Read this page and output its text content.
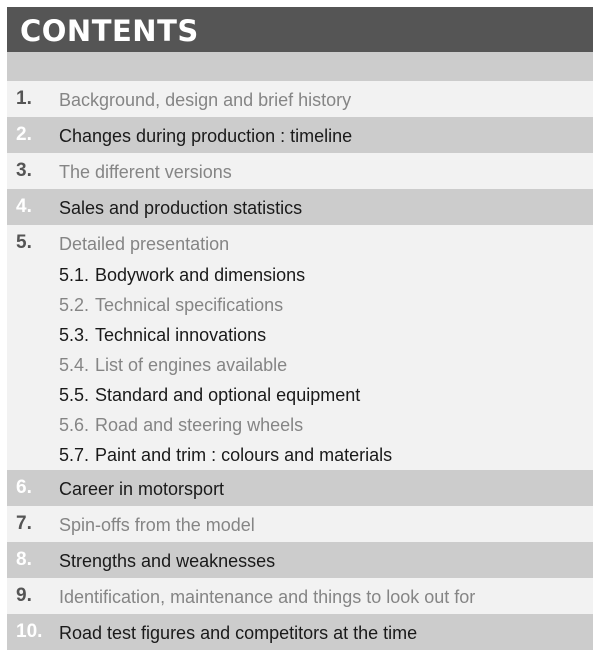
CONTENTS
1. Background, design and brief history
2. Changes during production : timeline
3. The different versions
4. Sales and production statistics
5. Detailed presentation
5.1. Bodywork and dimensions
5.2. Technical specifications
5.3. Technical innovations
5.4. List of engines available
5.5. Standard and optional equipment
5.6. Road and steering wheels
5.7. Paint and trim : colours and materials
6. Career in motorsport
7. Spin-offs from the model
8. Strengths and weaknesses
9. Identification, maintenance and things to look out for
10. Road test figures and competitors at the time
